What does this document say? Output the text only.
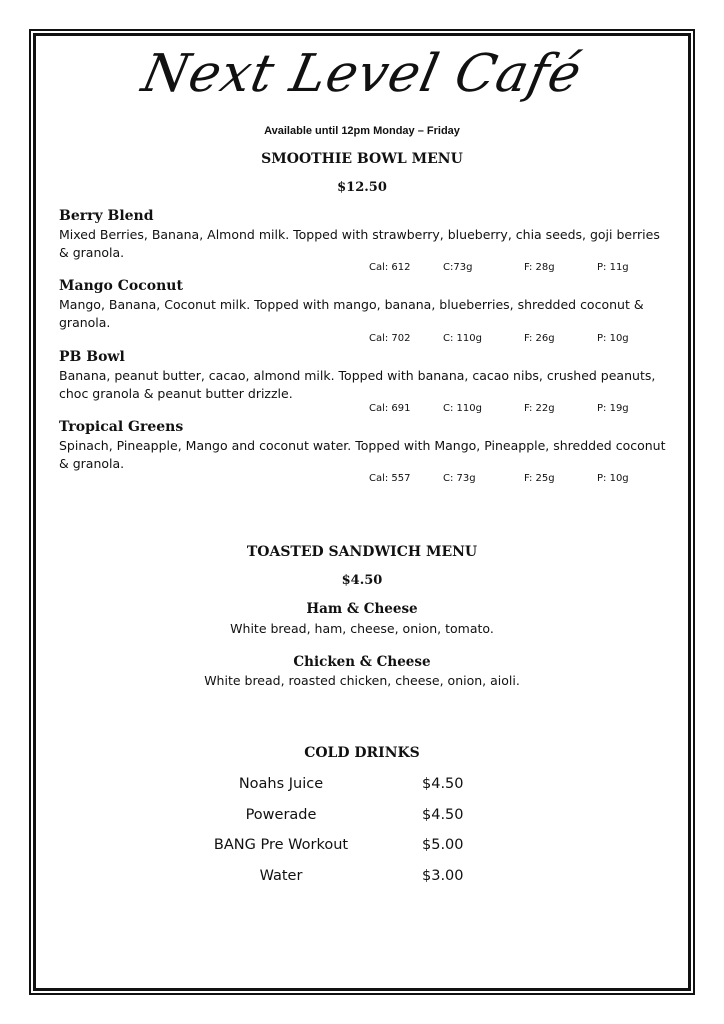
Next Level Café
Available until 12pm Monday – Friday
SMOOTHIE BOWL MENU
$12.50
Berry Blend
Mixed Berries, Banana, Almond milk. Topped with strawberry, blueberry, chia seeds, goji berries & granola.
Cal: 612	C:73g	F: 28g	P: 11g
Mango Coconut
Mango, Banana, Coconut milk. Topped with mango, banana, blueberries, shredded coconut & granola.
Cal: 702	C: 110g	F: 26g	P: 10g
PB Bowl
Banana, peanut butter, cacao, almond milk. Topped with banana, cacao nibs, crushed peanuts, choc granola & peanut butter drizzle.
Cal: 691	C: 110g	F: 22g	P: 19g
Tropical Greens
Spinach, Pineapple, Mango and coconut water. Topped with Mango, Pineapple, shredded coconut & granola.
Cal: 557	C: 73g	F: 25g	P: 10g
TOASTED SANDWICH MENU
$4.50
Ham & Cheese
White bread, ham, cheese, onion, tomato.
Chicken & Cheese
White bread, roasted chicken, cheese, onion, aioli.
COLD DRINKS
Noahs Juice	$4.50
Powerade	$4.50
BANG Pre Workout	$5.00
Water	$3.00
